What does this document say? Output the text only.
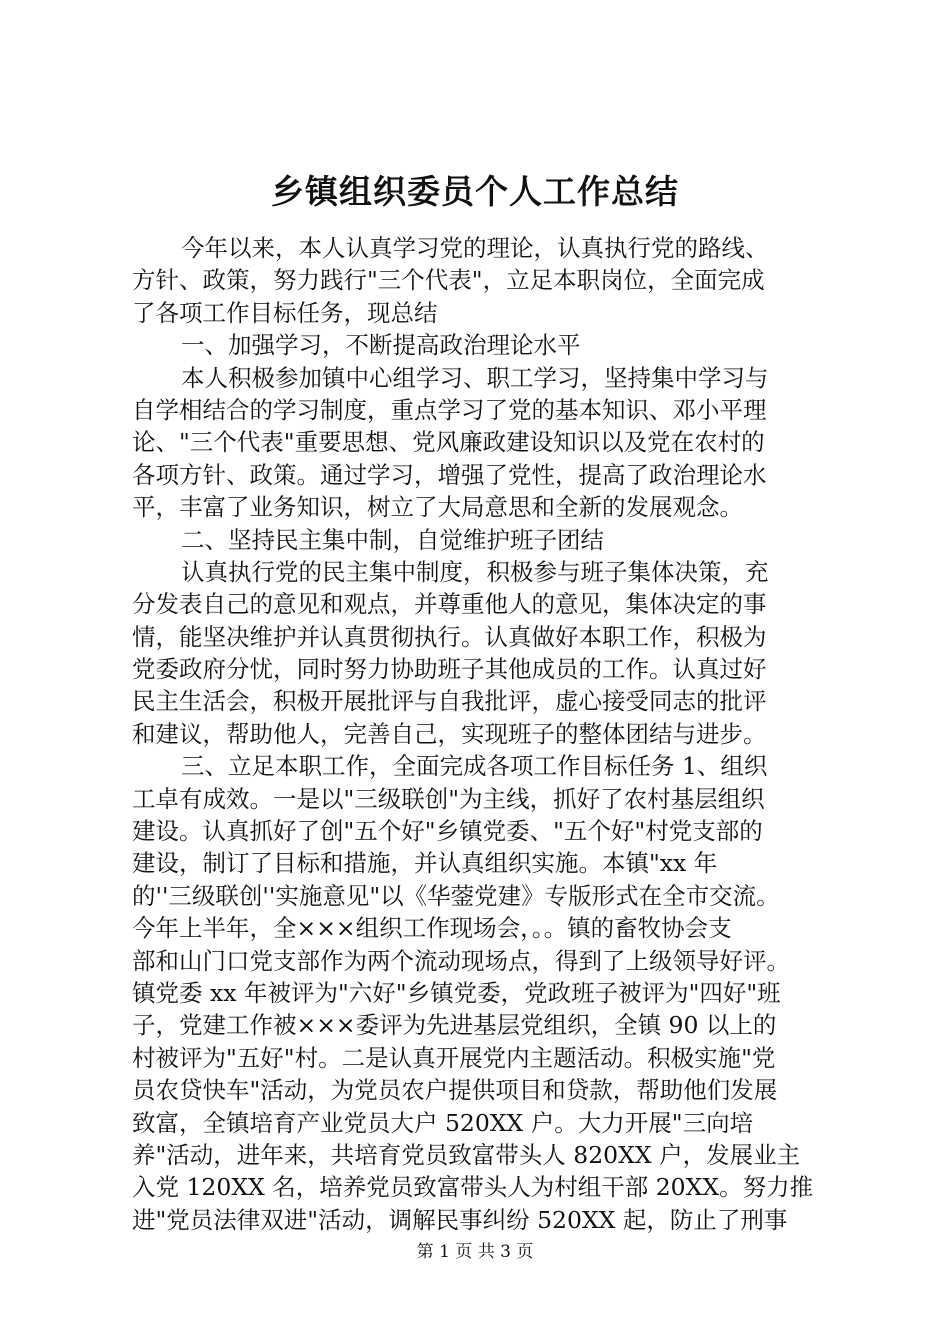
乡镇组织委员个人工作总结
今年以来，本人认真学习党的理论，认真执行党的路线、
方针、政策，努力践行"三个代表"，立足本职岗位，全面完成
了各项工作目标任务，现总结
一、加强学习，不断提高政治理论水平
本人积极参加镇中心组学习、职工学习，坚持集中学习与
自学相结合的学习制度，重点学习了党的基本知识、邓小平理
论、"三个代表"重要思想、党风廉政建设知识以及党在农村的
各项方针、政策。通过学习，增强了党性，提高了政治理论水
平，丰富了业务知识，树立了大局意思和全新的发展观念。
二、坚持民主集中制，自觉维护班子团结
认真执行党的民主集中制度，积极参与班子集体决策，充
分发表自己的意见和观点，并尊重他人的意见，集体决定的事
情，能坚决维护并认真贯彻执行。认真做好本职工作，积极为
党委政府分忧，同时努力协助班子其他成员的工作。认真过好
民主生活会，积极开展批评与自我批评，虚心接受同志的批评
和建议，帮助他人，完善自己，实现班子的整体团结与进步。
三、立足本职工作，全面完成各项工作目标任务 1、组织
工卓有成效。一是以"三级联创"为主线，抓好了农村基层组织
建设。认真抓好了创"五个好"乡镇党委、"五个好"村党支部的
建设，制订了目标和措施，并认真组织实施。本镇"xx 年
的''三级联创''实施意见"以《华蓥党建》专版形式在全市交流。
今年上半年，全×××组织工作现场会，。。镇的畜牧协会支
部和山门口党支部作为两个流动现场点，得到了上级领导好评。
镇党委 xx 年被评为"六好"乡镇党委，党政班子被评为"四好"班
子，党建工作被×××委评为先进基层党组织，全镇 90 以上的
村被评为"五好"村。二是认真开展党内主题活动。积极实施"党
员农贷快车"活动，为党员农户提供项目和贷款，帮助他们发展
致富，全镇培育产业党员大户 520XX 户。大力开展"三向培
养"活动，进年来，共培育党员致富带头人 820XX 户，发展业主
入党 120XX 名，培养党员致富带头人为村组干部 20XX。努力推
进"党员法律双进"活动，调解民事纠纷 520XX 起，防止了刑事
第 1 页 共 3 页
